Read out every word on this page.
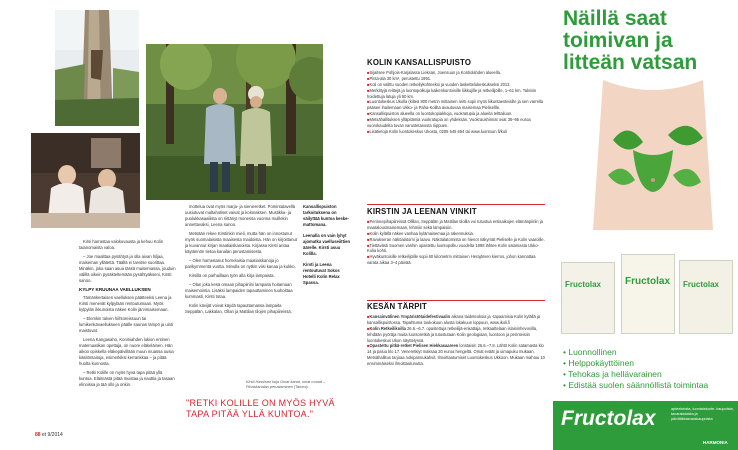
Kirsi harrastaa valokuvausta ja kehuu Kolin taianomaista valoa.

– Joe maalttaa pysähtyä ja olla aivan hiljaa, maiseman yllätettä. Täällä ei tarvitse suorittaa. Minäkin, joka saan asua tässä maisemassa, jouduin välillä oikein pysäkteltemään pysähtyäkseni, Kirsti sanoo.

KYLPY KRUUNAA VAELLUKSEN

Tämänkertaisen vaelluksen päätteeksi Leena ja Kirsti menevät kylpylään rentoutumaan. Myös kylpylän ikkunoista näkee Kolin järvimaisemaan.

– Elemkin talven hiihtoreissuun tai lumikenkävaellukseen päälle saunan lämpö ja uinti maistuvat.

Leena Kangasaho, Koniniahden lukion entinen matemaatikan opettaja, on nuore eläkeläinen. Hän aikoo opiskella eläkepäivillään muun muassa uusia käsitöntaitoja, esimerkiksi kerrankkaa – ja pitää huolta kunnosta.

– Retki Kolille on myös hyvä tapa pitää yllä kuntoa. Eläimästä pitää muistaa ja nauttia ja tasaan elinoissa ja tää ollo ja onkin.

mottelua ovat myös marja- ja sienieretket. Pomintatavellä uusiutuvat maltaholiset vaivat ja kolonaksen. Mustikka- ja puolukkasaaliista on riittänyt monessa vuonna muillekin annettavaksi, Leena sanoo.

Metsään rekee Kirstinkin mieli, mutta hän on innostunut myös suomalaisista maaisesta maidoista. Hän on kirjoittanut ja kuvannut kirjan maatiaiskanoista. Kirjassa Kirsti antaa käytännön tietoa kanalan perustamisesta.

– Olen harrastanut hornelaisia maatiaiskanoja jo parikymmentä vuotta. Minulla on nytkin viisi kanaa ja kukko.

Kirsillä on parhaillaan työn alla kirja lampaista.

– Olan joka kesä omaan pihapiiriini lampaita hoitamaan maisemointia. Lisäksi lampaiden tapauttaminen tuuhoittaa kummasti, Kirsti totaa.

Kolin kävijät voivat käydä tapauttamassa lampaita Seppälän, Lakkalan, Ollan ja Mattilan tilojen pihapiireissä.

Kirsti Hassisen kuja Omat kanat, omat munat – Pihaskanalan perustaminen (Tammi).

Kansallispuiston tarkoituksena on säilyttää kuntoa keske-mattomana.

Leenalla on vain lyhyt ajomatka vaelluseiittien äärelle. Kirsti asuu Kolilla.

Kirsti ja Leena rentoutuvat Sokos Hotelli Kolin Relax Spassa.

"RETKI KOLILLE ON MYÖS HYVÄ TAPA PITÄÄ YLLÄ KUNTOA."
88 et 9/2014
KOLIN KANSALLISPUISTO
■Sijaitsee Pohjois-Karjalassa Lieksan, Joensuun ja Kontiolahden alueella.
■Pinta-ala 30 km², perustettu 1991.
■Koli on valittu vuoden retkeilykohteeksi ja vuoden laskettelukeskukseksi 2013.
■Merkittyjä reittejä ja luontopolkuja kaikenkuntoisille liikkujille ja retkeilijöille, 1–61 km. Talvisin hoidettuja latuja yli 50 km.
■Luontokeskus Ukolla (kilteä 800 metrin mittainen reitti sopii myös liikuntaesteisille ja sen varrella pääsee ihailemaan Ukko- ja Paha-Kolilta avautuvaa maisemaa Pielisellle.
■Kansallispuiston alueella on luontokopiakkoja, vuokratupia ja alueita telttailuun.
■Metsähallituksen ylläpitämiä vuokratupia on yhdeksän. Vuokraushinnat ovat 35–95 euroa vuorokaudelta tuvan varustetasosta riippuen.
■Lisätietoja Kolin luontokeskus Ukosta, 0205 645 654 tai www.luontoon.fi/koli
KIRSTIN JA LEENAN VINKIT
■Perinnepihapiireissä Ollilan, Seppälän ja Mattilan tiloilla voi tutustua entisaikojen elämänpiiriin ja maatalousmaisemaan, lehmiin sekä lampaisiin.
■Kolin kylällä näkee vanhaa kylämaisemaa ja rakennuksia.
■Ravukseran näköalatorni ja laavu. Näköalatornista on hienot näkymät Pieliselle ja Kolin vaaroille.
■Tiettävästi Suomen vanhin opastettu luontopolku vuodelta 1898 lähtee Kolin satamasta Ukko-Kolia kohti.
■Hyväkuntoisille retkeilijöille sopii 60 kilometrin mittainen Herajärven kierros, johon kannattaa varata aikaa 3–4 päivää.
KESÄN TÄRPIT
■Kansainvälinen Ympäristötaidefestivaalin aikana taideteoksia ja -tapaamisia Kolin kylällä ja kansallispuistossa. Tapahtuma toukokuun alusta lokakuun loppuun, www.ikoli.fi
■Kolin Retkeilikoilla 26.6.–6.7. opastettuja retkeilijä-enkattaja, retkaattelaan islaininhevosilla, tehdään pyöräja muita luontoretkiä ja tutustutaan Kolin geologiaan, luontoon ja perinteisiin luontokeskus Ukon näyttelyssä.
■Opastettu pitkä-retket Pielisen Hiekkasaareen lonstaisin 26.6.–7.8. Lähtö Kolin satamasta klo 14 ja paluu klo 17. Veneretkiyt maksaa 20 euroa hengeltä. Omat eväät ja uimapuku mukaan. Metsähallitus tarjoaa nokipannukahvit. Ilmoittautumiset Luontokeskus Ukkoon. Mukaan mahtuu 10 ensimmäiseksi ilmoittautunutta.
Näillä saat toimivan ja litteän vatsan
Fructolax Fructolax Fructolax
• Luonnollinen
• Helppokäyttöinen
• Tehokas ja hellävarainen
• Edistää suolen säännöllistä toimintaa
Fructolax	apteekeista, luontaistuote- kaupoista, tavarataloista ja päivittäistavarakaupoista
HARMONIA
